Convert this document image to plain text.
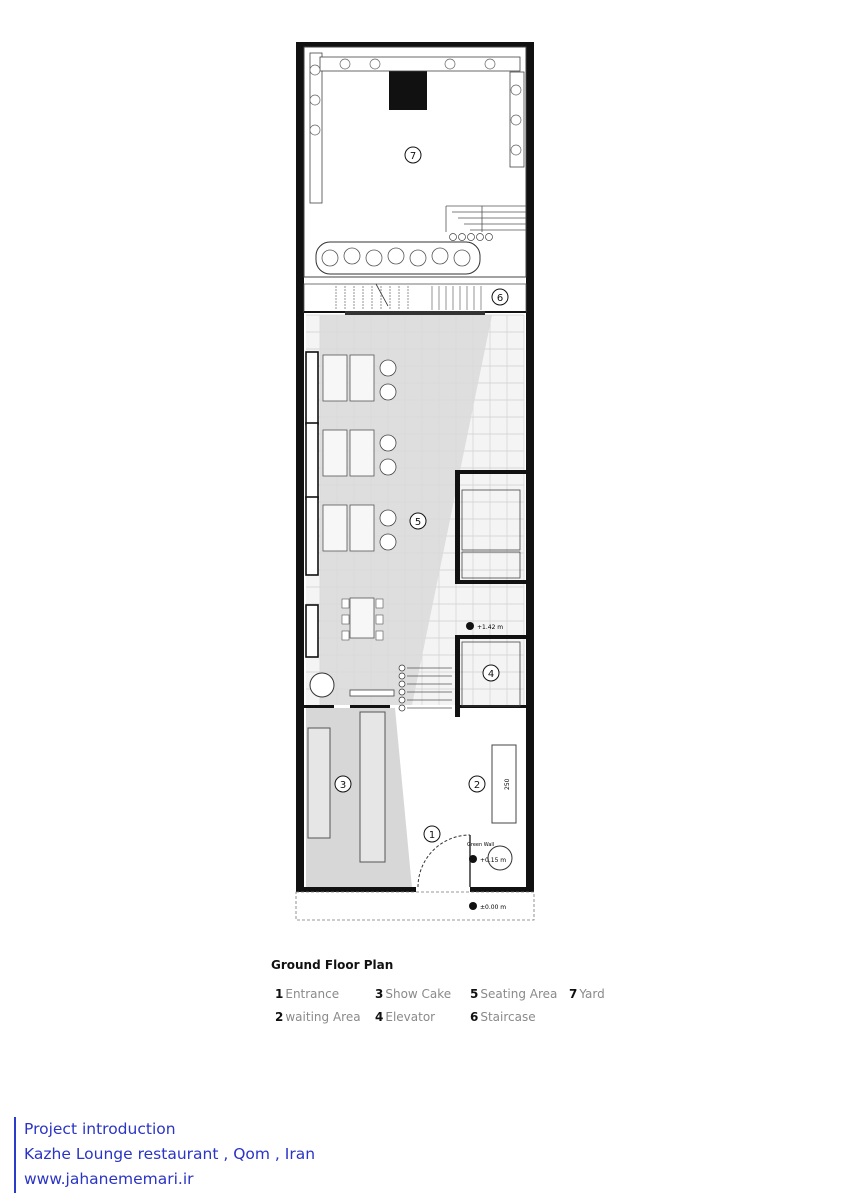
7
6
5
4
3	2
1
+1.42 m
+0.15 m
±0.00 m
Green Wall
250
Ground Floor Plan
1 Entrance	3 Show Cake 5 Seating Area 7 Yard
2 waiting Area 4 Elevator	6 Staircase
Project introduction
Kazhe Lounge restaurant , Qom , Iran
www.jahanememari.ir
